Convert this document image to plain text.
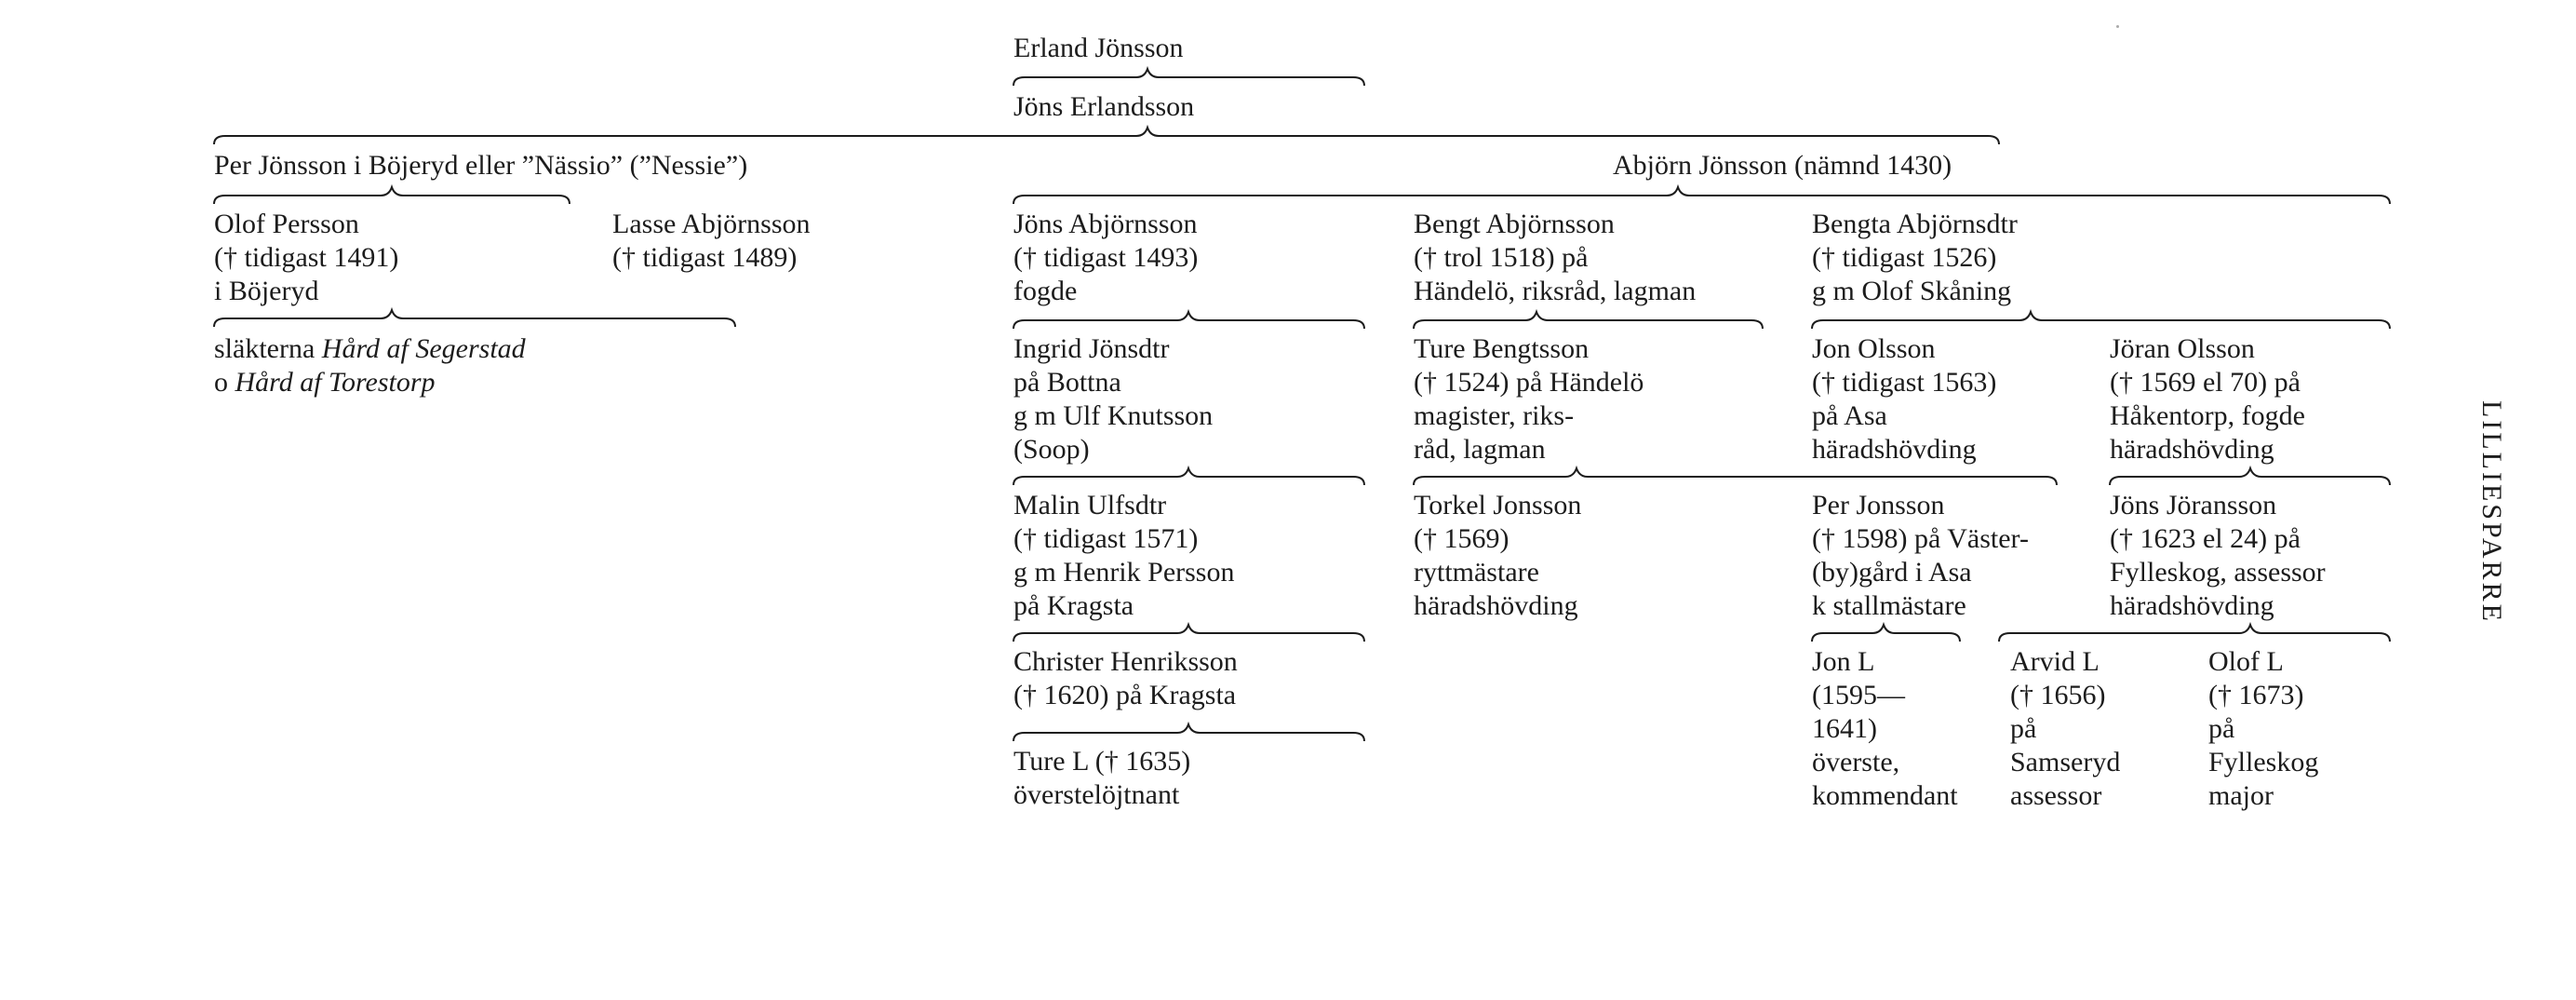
Erland Jönsson
Jöns Erlandsson
Per Jönsson i Böjeryd eller ”Nässio” (”Nessie”)	Abjörn Jönsson (nämnd 1430)
Olof Persson
(† tidigast 1491)
i Böjeryd
släkterna Hård af Segerstad
o Hård af Torestorp
Lasse Abjörnsson
(† tidigast 1489)
Jöns Abjörnsson
(† tidigast 1493)
fogde
Ingrid Jönsdtr
på Bottna
g m Ulf Knutsson
(Soop)
Malin Ulfsdtr
(† tidigast 1571)
g m Henrik Persson
på Kragsta
Christer Henriksson
(† 1620) på Kragsta
Ture L († 1635)
överstelöjtnant
Bengt Abjörnsson
(† trol 1518) på
Händelö, riksråd, lagman
Ture Bengtsson
(† 1524) på Händelö
magister, riks-
råd, lagman
Torkel Jonsson
(† 1569)
ryttmästare
häradshövding
Bengta Abjörnsdtr
(† tidigast 1526)
g m Olof Skåning
Jon Olsson
(† tidigast 1563)
på Asa
häradshövding
Per Jonsson
(† 1598) på Väster-
(by)gård i Asa
k stallmästare
Jon L
(1595—
1641)
överste,
kommendant
Jöran Olsson
(† 1569 el 70) på
Håkentorp, fogde
häradshövding
Jöns Jöransson
(† 1623 el 24) på
Fylleskog, assessor
häradshövding
Arvid L
(† 1656)
på
Samseryd
assessor
Olof L
(† 1673)
på
Fylleskog
major
LILLIESPARRE
